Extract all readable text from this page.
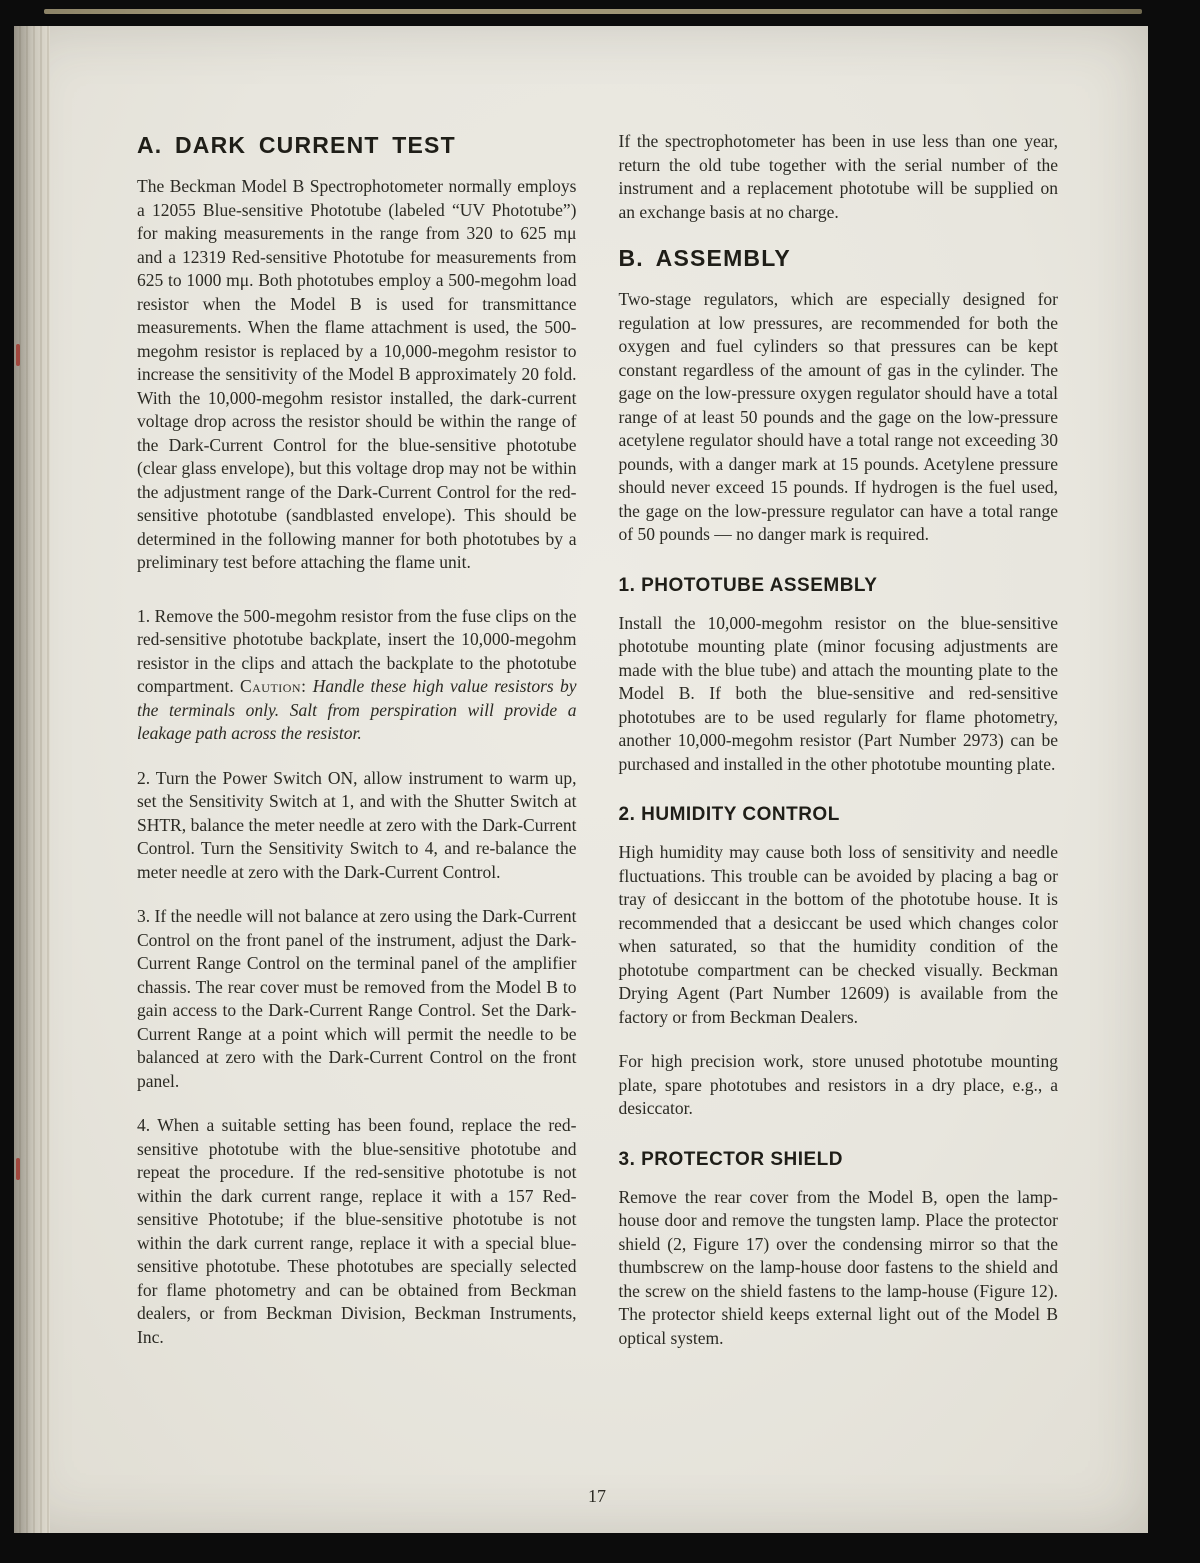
A. DARK CURRENT TEST

The Beckman Model B Spectrophotometer normally employs a 12055 Blue-sensitive Phototube (labeled “UV Phototube”) for making measurements in the range from 320 to 625 mμ and a 12319 Red-sensitive Phototube for measurements from 625 to 1000 mμ. Both phototubes employ a 500-megohm load resistor when the Model B is used for transmittance measurements. When the flame attachment is used, the 500-megohm resistor is replaced by a 10,000-megohm resistor to increase the sensitivity of the Model B approximately 20 fold. With the 10,000-megohm resistor installed, the dark-current voltage drop across the resistor should be within the range of the Dark-Current Control for the blue-sensitive phototube (clear glass envelope), but this voltage drop may not be within the adjustment range of the Dark-Current Control for the red-sensitive phototube (sandblasted envelope). This should be determined in the following manner for both phototubes by a preliminary test before attaching the flame unit.

1. Remove the 500-megohm resistor from the fuse clips on the red-sensitive phototube backplate, insert the 10,000-megohm resistor in the clips and attach the backplate to the phototube compartment. Caution: Handle these high value resistors by the terminals only. Salt from perspiration will provide a leakage path across the resistor.

2. Turn the Power Switch ON, allow instrument to warm up, set the Sensitivity Switch at 1, and with the Shutter Switch at SHTR, balance the meter needle at zero with the Dark-Current Control. Turn the Sensitivity Switch to 4, and re-balance the meter needle at zero with the Dark-Current Control.

3. If the needle will not balance at zero using the Dark-Current Control on the front panel of the instrument, adjust the Dark-Current Range Control on the terminal panel of the amplifier chassis. The rear cover must be removed from the Model B to gain access to the Dark-Current Range Control. Set the Dark-Current Range at a point which will permit the needle to be balanced at zero with the Dark-Current Control on the front panel.

4. When a suitable setting has been found, replace the red-sensitive phototube with the blue-sensitive phototube and repeat the procedure. If the red-sensitive phototube is not within the dark current range, replace it with a 157 Red-sensitive Phototube; if the blue-sensitive phototube is not within the dark current range, replace it with a special blue-sensitive phototube. These phototubes are specially selected for flame photometry and can be obtained from Beckman dealers, or from Beckman Division, Beckman Instruments, Inc.

If the spectrophotometer has been in use less than one year, return the old tube together with the serial number of the instrument and a replacement phototube will be supplied on an exchange basis at no charge.

B. ASSEMBLY

Two-stage regulators, which are especially designed for regulation at low pressures, are recommended for both the oxygen and fuel cylinders so that pressures can be kept constant regardless of the amount of gas in the cylinder. The gage on the low-pressure oxygen regulator should have a total range of at least 50 pounds and the gage on the low-pressure acetylene regulator should have a total range not exceeding 30 pounds, with a danger mark at 15 pounds. Acetylene pressure should never exceed 15 pounds. If hydrogen is the fuel used, the gage on the low-pressure regulator can have a total range of 50 pounds — no danger mark is required.

1. PHOTOTUBE ASSEMBLY

Install the 10,000-megohm resistor on the blue-sensitive phototube mounting plate (minor focusing adjustments are made with the blue tube) and attach the mounting plate to the Model B. If both the blue-sensitive and red-sensitive phototubes are to be used regularly for flame photometry, another 10,000-megohm resistor (Part Number 2973) can be purchased and installed in the other phototube mounting plate.

2. HUMIDITY CONTROL

High humidity may cause both loss of sensitivity and needle fluctuations. This trouble can be avoided by placing a bag or tray of desiccant in the bottom of the phototube house. It is recommended that a desiccant be used which changes color when saturated, so that the humidity condition of the phototube compartment can be checked visually. Beckman Drying Agent (Part Number 12609) is available from the factory or from Beckman Dealers.

For high precision work, store unused phototube mounting plate, spare phototubes and resistors in a dry place, e.g., a desiccator.

3. PROTECTOR SHIELD

Remove the rear cover from the Model B, open the lamp-house door and remove the tungsten lamp. Place the protector shield (2, Figure 17) over the condensing mirror so that the thumbscrew on the lamp-house door fastens to the shield and the screw on the shield fastens to the lamp-house (Figure 12). The protector shield keeps external light out of the Model B optical system.

17
